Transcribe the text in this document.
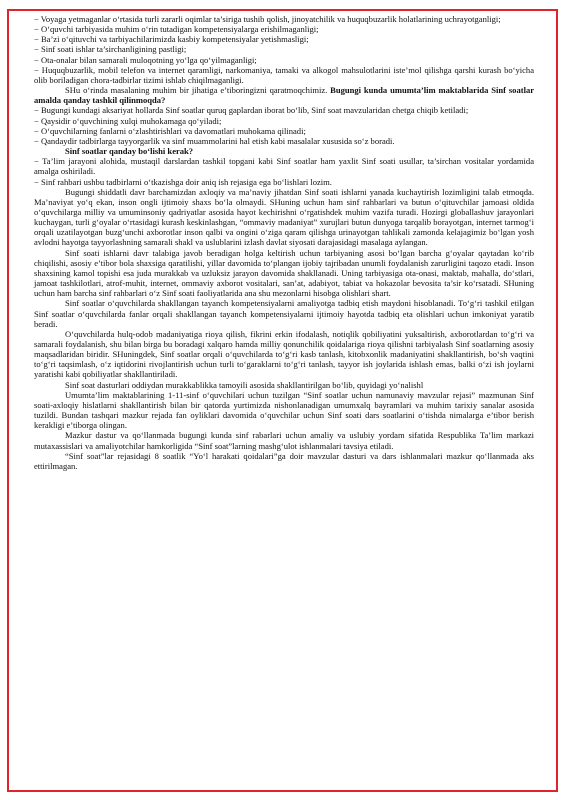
− Voyaga yetmaganlar o‘rtasida turli zararli oqimlar ta’siriga tushib qolish, jinoyatchilik va huquqbuzarlik holatlarining uchrayotganligi;

− O‘quvchi tarbiyasida muhim o‘rin tutadigan kompetensiyalarga erishilmaganligi;

− Ba’zi o‘qituvchi va tarbiyachilarimizda kasbiy kompetensiyalar yetishmasligi;

− Sinf soati ishlar ta’sirchanligining pastligi;

− Ota-onalar bilan samarali muloqotning yo‘lga qo‘yilmaganligi;

− Huquqbuzarlik, mobil telefon va internet qaramligi, narkomaniya, tamaki va alkogol mahsulotlarini iste’mol qilishga qarshi kurash bo‘yicha olib boriladigan chora-tadbirlar tizimi ishlab chiqilmaganligi.

SHu o‘rinda masalaning muhim bir jihatiga e’tiboringizni qaratmoqchimiz. Bugungi kunda umumta’lim maktablarida Sinf soatlar amalda qanday tashkil qilinmoqda?

− Bugungi kundagi aksariyat hollarda Sinf soatlar quruq gaplardan iborat bo‘lib, Sinf soat mavzularidan chetga chiqib ketiladi;

− Qaysidir o‘quvchining xulqi muhokamaga qo‘yiladi;

− O‘quvchilarning fanlarni o‘zlashtirishlari va davomatlari muhokama qilinadi;

− Qandaydir tadbirlarga tayyorgarlik va sinf muammolarini hal etish kabi masalalar xususida so‘z boradi.

Sinf soatlar qanday bo‘lishi kerak?

− Ta’lim jarayoni alohida, mustaqil darslardan tashkil topgani kabi Sinf soatlar ham yaxlit Sinf soati usullar, ta’sirchan vositalar yordamida amalga oshiriladi.

− Sinf rahbari ushbu tadbirlarni o‘tkazishga doir aniq ish rejasiga ega bo‘lishlari lozim.

Bugungi shiddatli davr barchamizdan axloqiy va ma’naviy jihatdan Sinf soati ishlarni yanada kuchaytirish lozimligini talab etmoqda. Ma’naviyat yo‘q ekan, inson ongli ijtimoiy shaxs bo‘la olmaydi. SHuning uchun ham sinf rahbarlari va butun o‘qituvchilar jamoasi oldida o‘quvchilarga milliy va umuminsoniy qadriyatlar asosida hayot kechirishni o‘rgatishdek muhim vazifa turadi. Hozirgi globallashuv jarayonlari kuchaygan, turli g‘oyalar o‘rtasidagi kurash keskinlashgan, “ommaviy madaniyat” xurujlari butun dunyoga tarqalib borayotgan, internet tarmog‘i orqali uzatilayotgan buzg‘unchi axborotlar inson qalbi va ongini o‘ziga qaram qilishga urinayotgan tahlikali zamonda kelajagimiz bo‘lgan yosh avlodni hayotga tayyorlashning samarali shakl va uslublarini izlash davlat siyosati darajasidagi masalaga aylangan.

Sinf soati ishlarni davr talabiga javob beradigan holga keltirish uchun tarbiyaning asosi bo‘lgan barcha g‘oyalar qaytadan ko‘rib chiqilishi, asosiy e’tibor bola shaxsiga qaratilishi, yillar davomida to‘plangan ijobiy tajribadan unumli foydalanish zarurligini taqozo etadi. Inson shaxsining kamol topishi esa juda murakkab va uzluksiz jarayon davomida shakllanadi. Uning tarbiyasiga ota-onasi, maktab, mahalla, do‘stlari, jamoat tashkilotlari, atrof-muhit, internet, ommaviy axborot vositalari, san’at, adabiyot, tabiat va hokazolar bevosita ta’sir ko‘rsatadi. SHuning uchun ham barcha sinf rahbarlari o‘z Sinf soati faoliyatlarida ana shu mezonlarni hisobga olishlari shart.

Sinf soatlar o‘quvchilarda shakllangan tayanch kompetensiyalarni amaliyotga tadbiq etish maydoni hisoblanadi. To‘g‘ri tashkil etilgan Sinf soatlar o‘quvchilarda fanlar orqali shakllangan tayanch kompetensiyalarni ijtimoiy hayotda tadbiq eta olishlari uchun imkoniyat yaratib beradi.

O‘quvchilarda hulq-odob madaniyatiga rioya qilish, fikrini erkin ifodalash, notiqlik qobiliyatini yuksaltirish, axborotlardan to‘g‘ri va samarali foydalanish, shu bilan birga bu boradagi xalqaro hamda milliy qonunchilik qoidalariga rioya qilishni tarbiyalash Sinf soatlarning asosiy maqsadlaridan biridir. SHuningdek, Sinf soatlar orqali o‘quvchilarda to‘g‘ri kasb tanlash, kitobxonlik madaniyatini shakllantirish, bo‘sh vaqtini to‘g‘ri taqsimlash, o‘z iqtidorini rivojlantirish uchun turli to‘garaklarni to‘g‘ri tanlash, tayyor ish joylarida ishlash emas, balki o‘zi ish joylarni yaratishi kabi qobiliyatlar shakllantiriladi.

Sinf soat dasturlari oddiydan murakkablikka tamoyili asosida shakllantirilgan bo‘lib, quyidagi yo‘nalishl

Umumta’lim maktablarining 1-11-sinf o‘quvchilari uchun tuzilgan “Sinf soatlar uchun namunaviy mavzular rejasi” mazmunan Sinf soati-axloqiy hislatlarni shakllantirish bilan bir qatorda yurtimizda nishonlanadigan umumxalq bayramlari va muhim tarixiy sanalar asosida tuzildi. Bundan tashqari mazkur rejada fan oyliklari davomida o‘quvchilar uchun Sinf soati dars soatlarini o‘tishda nimalarga e’tibor berish kerakligi e’tiborga olingan.

Mazkur dastur va qo‘llanmada bugungi kunda sinf rabarlari uchun amaliy va uslubiy yordam sifatida Respublika Ta’lim markazi mutaxassislari va amaliyotchilar hamkorligida “Sinf soat”larning mashg‘ulot ishlanmalari tavsiya etiladi.

“Sinf soat”lar rejasidagi 8 soatlik “Yo‘l harakati qoidalari”ga doir mavzular dasturi va dars ishlanmalari mazkur qo‘llanmada aks ettirilmagan.
